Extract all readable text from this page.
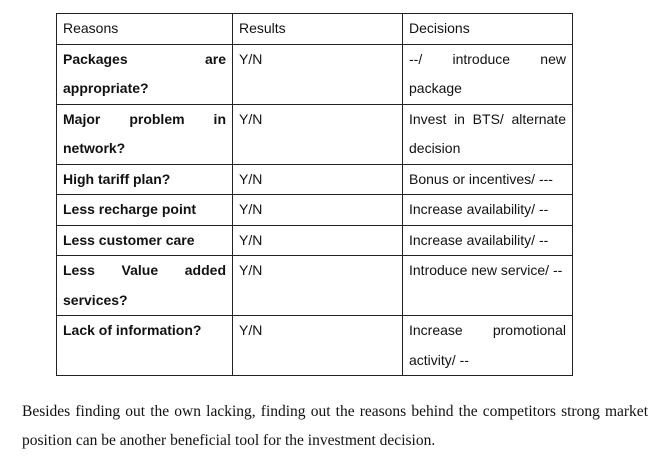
Reasons	Results	Decisions
Packages are appropriate?	Y/N	--/ introduce new package
Major problem in network?	Y/N	Invest in BTS/ alternate decision
High tariff plan?	Y/N	Bonus or incentives/ ---
Less recharge point	Y/N	Increase availability/ --
Less customer care	Y/N	Increase availability/ --
Less Value added services?	Y/N	Introduce new service/ --
Lack of information?	Y/N	Increase promotional activity/ --

Besides finding out the own lacking, finding out the reasons behind the competitors strong market position can be another beneficial tool for the investment decision.
